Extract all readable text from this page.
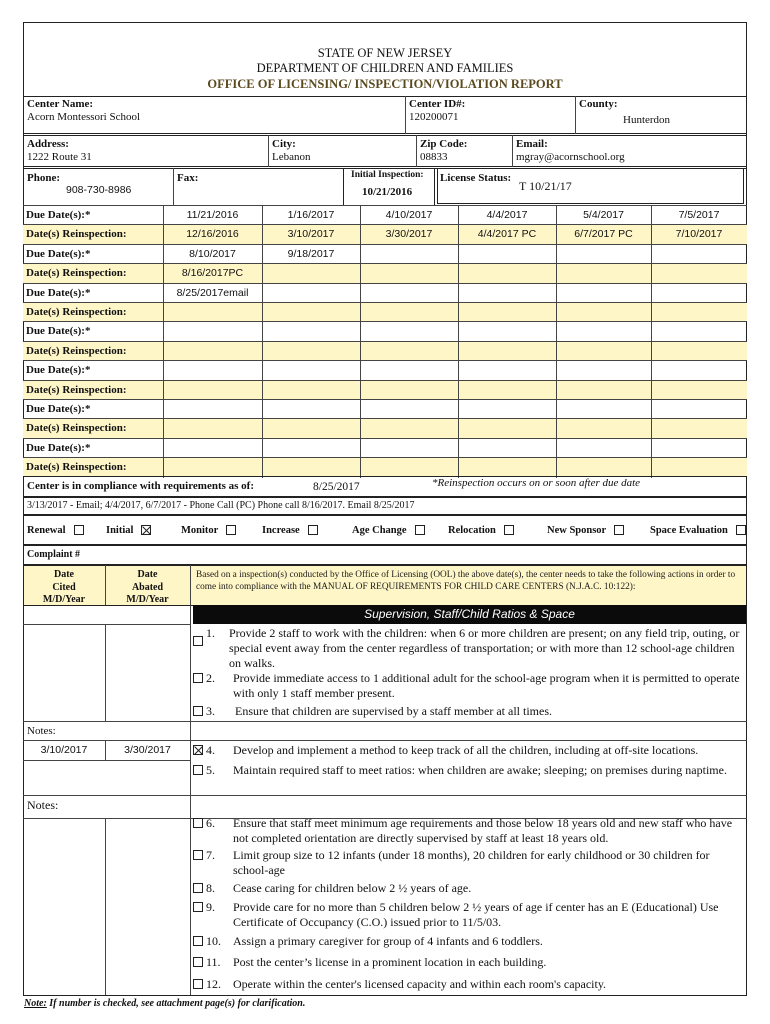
STATE OF NEW JERSEY
DEPARTMENT OF CHILDREN AND FAMILIES
OFFICE OF LICENSING/ INSPECTION/VIOLATION REPORT
Center Name:
Acorn Montessori School
Center ID#:
120200071
County:
Hunterdon
Address:
1222 Route 31
City:
Lebanon
Zip Code:
08833
Email:
mgray@acornschool.org
Phone:
908-730-8986
Fax:	Initial Inspection:
10/21/2016
License Status:
T 10/21/17
Due Date(s):*	11/21/2016	1/16/2017	4/10/2017	4/4/2017	5/4/2017	7/5/2017
Date(s) Reinspection:	12/16/2016	3/10/2017	3/30/2017	4/4/2017 PC	6/7/2017 PC	7/10/2017
Due Date(s):*	8/10/2017	9/18/2017
Date(s) Reinspection:	8/16/2017PC
Due Date(s):*	8/25/2017email
Date(s) Reinspection:
Due Date(s):*
Date(s) Reinspection:
Due Date(s):*
Date(s) Reinspection:
Due Date(s):*
Date(s) Reinspection:
Due Date(s):*
Date(s) Reinspection:
Center is in compliance with requirements as of:	8/25/2017	*Reinspection occurs on or soon after due date
3/13/2017 - Email; 4/4/2017, 6/7/2017 - Phone Call (PC) Phone call 8/16/2017. Email 8/25/2017
Renewal	Initial	Monitor	Increase	Age Change	Relocation	New Sponsor	Space Evaluation
Complaint #
Date
Cited
M/D/Year
Date
Abated
M/D/Year
Based on a inspection(s) conducted by the Office of Licensing (OOL) the above date(s), the center needs to take the following actions in order to come into compliance with the MANUAL OF REQUIREMENTS FOR CHILD CARE CENTERS (N.J.A.C. 10:122):
Supervision, Staff/Child Ratios & Space
Notes:
3/10/2017	3/30/2017
Notes:
1. Provide 2 staff to work with the children: when 6 or more children are present; on any field trip, outing, or special event away from the center regardless of transportation; or with more than 12 school-age children on walks.
2. Provide immediate access to 1 additional adult for the school-age program when it is permitted to operate with only 1 staff member present.
3. Ensure that children are supervised by a staff member at all times.
4. Develop and implement a method to keep track of all the children, including at off-site locations.
5. Maintain required staff to meet ratios: when children are awake; sleeping; on premises during naptime.
6. Ensure that staff meet minimum age requirements and those below 18 years old and new staff who have not completed orientation are directly supervised by staff at least 18 years old.
7. Limit group size to 12 infants (under 18 months), 20 children for early childhood or 30 children for school-age
8. Cease caring for children below 2 ½ years of age.
9. Provide care for no more than 5 children below 2 ½ years of age if center has an E (Educational) Use Certificate of Occupancy (C.O.) issued prior to 11/5/03.
10. Assign a primary caregiver for group of 4 infants and 6 toddlers.
11. Post the center’s license in a prominent location in each building.
12. Operate within the center's licensed capacity and within each room's capacity.
Note: If number is checked, see attachment page(s) for clarification.
